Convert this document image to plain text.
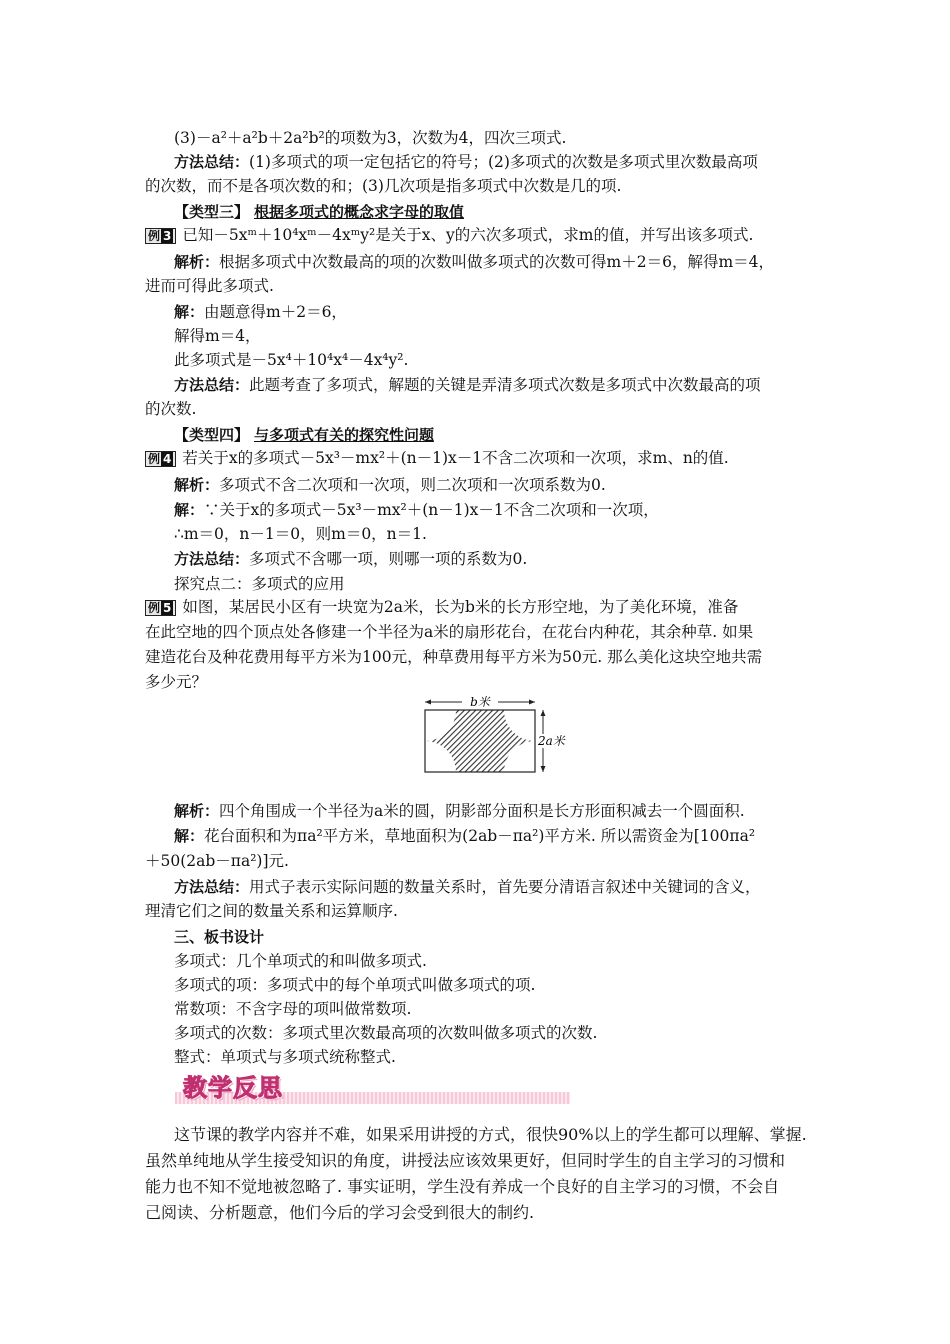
(3)－a²＋a²b＋2a²b²的项数为3，次数为4，四次三项式.
方法总结：(1)多项式的项一定包括它的符号；(2)多项式的次数是多项式里次数最高项
的次数，而不是各项次数的和；(3)几次项是指多项式中次数是几的项.
【类型三】 根据多项式的概念求字母的取值
例 3 已知－5xᵐ＋10⁴xᵐ－4xᵐy²是关于x、y的六次多项式，求m的值，并写出该多项式.
解析：根据多项式中次数最高的项的次数叫做多项式的次数可得m＋2＝6，解得m＝4，
进而可得此多项式.
解：由题意得m＋2＝6，
解得m＝4，
此多项式是－5x⁴＋10⁴x⁴－4x⁴y².
方法总结：此题考查了多项式，解题的关键是弄清多项式次数是多项式中次数最高的项
的次数.
【类型四】 与多项式有关的探究性问题
例 4 若关于x的多项式－5x³－mx²＋(n－1)x－1不含二次项和一次项，求m、n的值.
解析：多项式不含二次项和一次项，则二次项和一次项系数为0.
解：∵关于x的多项式－5x³－mx²＋(n－1)x－1不含二次项和一次项，
∴m＝0，n－1＝0，则m＝0，n＝1.
方法总结：多项式不含哪一项，则哪一项的系数为0.
探究点二：多项式的应用
例 5 如图，某居民小区有一块宽为2a米，长为b米的长方形空地，为了美化环境，准备
在此空地的四个顶点处各修建一个半径为a米的扇形花台，在花台内种花，其余种草. 如果
建造花台及种花费用每平方米为100元，种草费用每平方米为50元. 那么美化这块空地共需
多少元？
b米
2a米
解析：四个角围成一个半径为a米的圆，阴影部分面积是长方形面积减去一个圆面积.
解：花台面积和为πa²平方米，草地面积为(2ab－πa²)平方米. 所以需资金为[100πa²
＋50(2ab－πa²)]元.
方法总结：用式子表示实际问题的数量关系时，首先要分清语言叙述中关键词的含义，
理清它们之间的数量关系和运算顺序.
三、板书设计
多项式：几个单项式的和叫做多项式.
多项式的项：多项式中的每个单项式叫做多项式的项.
常数项：不含字母的项叫做常数项.
多项式的次数：多项式里次数最高项的次数叫做多项式的次数.
整式：单项式与多项式统称整式.
教学反思
这节课的教学内容并不难，如果采用讲授的方式，很快90%以上的学生都可以理解、掌握.
虽然单纯地从学生接受知识的角度，讲授法应该效果更好，但同时学生的自主学习的习惯和
能力也不知不觉地被忽略了. 事实证明，学生没有养成一个良好的自主学习的习惯，不会自
己阅读、分析题意，他们今后的学习会受到很大的制约.
